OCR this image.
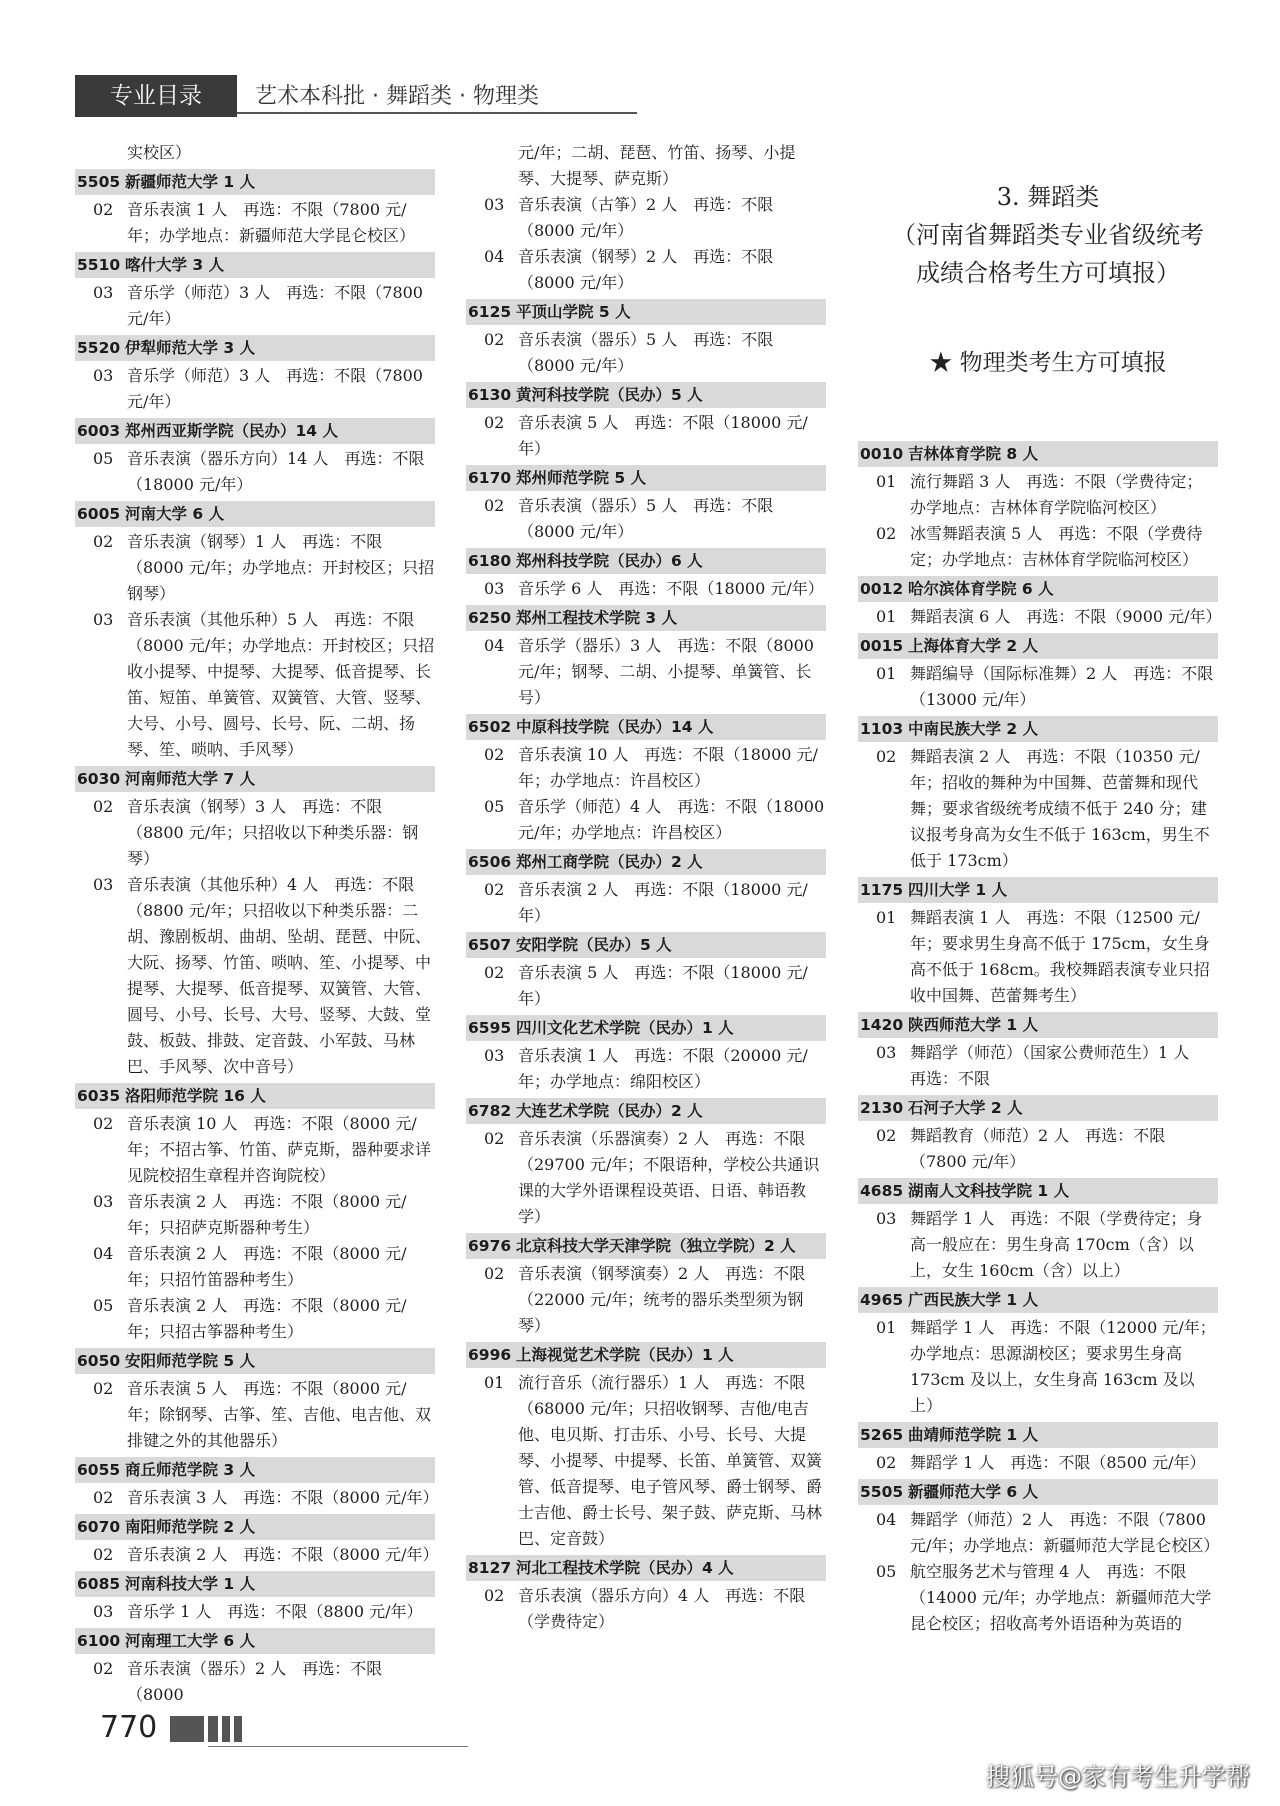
专业目录	艺术本科批 · 舞蹈类 · 物理类
实校区）
5505 新疆师范大学 1 人
02 音乐表演 1 人　再选：不限（7800 元/年；办学地点：新疆师范大学昆仑校区）
5510 喀什大学 3 人
03 音乐学（师范）3 人　再选：不限（7800 元/年）
5520 伊犁师范大学 3 人
03 音乐学（师范）3 人　再选：不限（7800 元/年）
6003 郑州西亚斯学院（民办）14 人
05 音乐表演（器乐方向）14 人　再选：不限（18000 元/年）
6005 河南大学 6 人
02 音乐表演（钢琴）1 人　再选：不限（8000 元/年；办学地点：开封校区；只招钢琴）
03 音乐表演（其他乐种）5 人　再选：不限（8000 元/年；办学地点：开封校区；只招收小提琴、中提琴、大提琴、低音提琴、长笛、短笛、单簧管、双簧管、大管、竖琴、大号、小号、圆号、长号、阮、二胡、扬琴、笙、唢呐、手风琴）
6030 河南师范大学 7 人
02 音乐表演（钢琴）3 人　再选：不限（8800 元/年；只招收以下种类乐器：钢琴）
03 音乐表演（其他乐种）4 人　再选：不限（8800 元/年；只招收以下种类乐器：二胡、豫剧板胡、曲胡、坠胡、琵琶、中阮、大阮、扬琴、竹笛、唢呐、笙、小提琴、中提琴、大提琴、低音提琴、双簧管、大管、圆号、小号、长号、大号、竖琴、大鼓、堂鼓、板鼓、排鼓、定音鼓、小军鼓、马林巴、手风琴、次中音号）
6035 洛阳师范学院 16 人
02 音乐表演 10 人　再选：不限（8000 元/年；不招古筝、竹笛、萨克斯，器种要求详见院校招生章程并咨询院校）
03 音乐表演 2 人　再选：不限（8000 元/年；只招萨克斯器种考生）
04 音乐表演 2 人　再选：不限（8000 元/年；只招竹笛器种考生）
05 音乐表演 2 人　再选：不限（8000 元/年；只招古筝器种考生）
6050 安阳师范学院 5 人
02 音乐表演 5 人　再选：不限（8000 元/年；除钢琴、古筝、笙、吉他、电吉他、双排键之外的其他器乐）
6055 商丘师范学院 3 人
02 音乐表演 3 人　再选：不限（8000 元/年）
6070 南阳师范学院 2 人
02 音乐表演 2 人　再选：不限（8000 元/年）
6085 河南科技大学 1 人
03 音乐学 1 人　再选：不限（8800 元/年）
6100 河南理工大学 6 人
02 音乐表演（器乐）2 人　再选：不限（8000
元/年；二胡、琵琶、竹笛、扬琴、小提琴、大提琴、萨克斯）
03 音乐表演（古筝）2 人　再选：不限（8000 元/年）
04 音乐表演（钢琴）2 人　再选：不限（8000 元/年）
6125 平顶山学院 5 人
02 音乐表演（器乐）5 人　再选：不限（8000 元/年）
6130 黄河科技学院（民办）5 人
02 音乐表演 5 人　再选：不限（18000 元/年）
6170 郑州师范学院 5 人
02 音乐表演（器乐）5 人　再选：不限（8000 元/年）
6180 郑州科技学院（民办）6 人
03 音乐学 6 人　再选：不限（18000 元/年）
6250 郑州工程技术学院 3 人
04 音乐学（器乐）3 人　再选：不限（8000 元/年；钢琴、二胡、小提琴、单簧管、长号）
6502 中原科技学院（民办）14 人
02 音乐表演 10 人　再选：不限（18000 元/年；办学地点：许昌校区）
05 音乐学（师范）4 人　再选：不限（18000 元/年；办学地点：许昌校区）
6506 郑州工商学院（民办）2 人
02 音乐表演 2 人　再选：不限（18000 元/年）
6507 安阳学院（民办）5 人
02 音乐表演 5 人　再选：不限（18000 元/年）
6595 四川文化艺术学院（民办）1 人
03 音乐表演 1 人　再选：不限（20000 元/年；办学地点：绵阳校区）
6782 大连艺术学院（民办）2 人
02 音乐表演（乐器演奏）2 人　再选：不限（29700 元/年；不限语种，学校公共通识课的大学外语课程设英语、日语、韩语教学）
6976 北京科技大学天津学院（独立学院）2 人
02 音乐表演（钢琴演奏）2 人　再选：不限（22000 元/年；统考的器乐类型须为钢琴）
6996 上海视觉艺术学院（民办）1 人
01 流行音乐（流行器乐）1 人　再选：不限（68000 元/年；只招收钢琴、吉他/电吉他、电贝斯、打击乐、小号、长号、大提琴、小提琴、中提琴、长笛、单簧管、双簧管、低音提琴、电子管风琴、爵士钢琴、爵士吉他、爵士长号、架子鼓、萨克斯、马林巴、定音鼓）
8127 河北工程技术学院（民办）4 人
02 音乐表演（器乐方向）4 人　再选：不限（学费待定）
0010 吉林体育学院 8 人
01 流行舞蹈 3 人　再选：不限（学费待定；办学地点：吉林体育学院临河校区）
02 冰雪舞蹈表演 5 人　再选：不限（学费待定；办学地点：吉林体育学院临河校区）
0012 哈尔滨体育学院 6 人
01 舞蹈表演 6 人　再选：不限（9000 元/年）
0015 上海体育大学 2 人
01 舞蹈编导（国际标准舞）2 人　再选：不限（13000 元/年）
1103 中南民族大学 2 人
02 舞蹈表演 2 人　再选：不限（10350 元/年；招收的舞种为中国舞、芭蕾舞和现代舞；要求省级统考成绩不低于 240 分；建议报考身高为女生不低于 163cm，男生不低于 173cm）
1175 四川大学 1 人
01 舞蹈表演 1 人　再选：不限（12500 元/年；要求男生身高不低于 175cm，女生身高不低于 168cm。我校舞蹈表演专业只招收中国舞、芭蕾舞考生）
1420 陕西师范大学 1 人
03 舞蹈学（师范）（国家公费师范生）1 人　再选：不限
2130 石河子大学 2 人
02 舞蹈教育（师范）2 人　再选：不限（7800 元/年）
4685 湖南人文科技学院 1 人
03 舞蹈学 1 人　再选：不限（学费待定；身高一般应在：男生身高 170cm（含）以上，女生 160cm（含）以上）
4965 广西民族大学 1 人
01 舞蹈学 1 人　再选：不限（12000 元/年；办学地点：思源湖校区；要求男生身高 173cm 及以上，女生身高 163cm 及以上）
5265 曲靖师范学院 1 人
02 舞蹈学 1 人　再选：不限（8500 元/年）
5505 新疆师范大学 6 人
04 舞蹈学（师范）2 人　再选：不限（7800 元/年；办学地点：新疆师范大学昆仑校区）
05 航空服务艺术与管理 4 人　再选：不限（14000 元/年；办学地点：新疆师范大学昆仑校区；招收高考外语语种为英语的
3. 舞蹈类
（河南省舞蹈类专业省级统考
成绩合格考生方可填报）
★ 物理类考生方可填报
770
搜狐号@家有考生升学帮
